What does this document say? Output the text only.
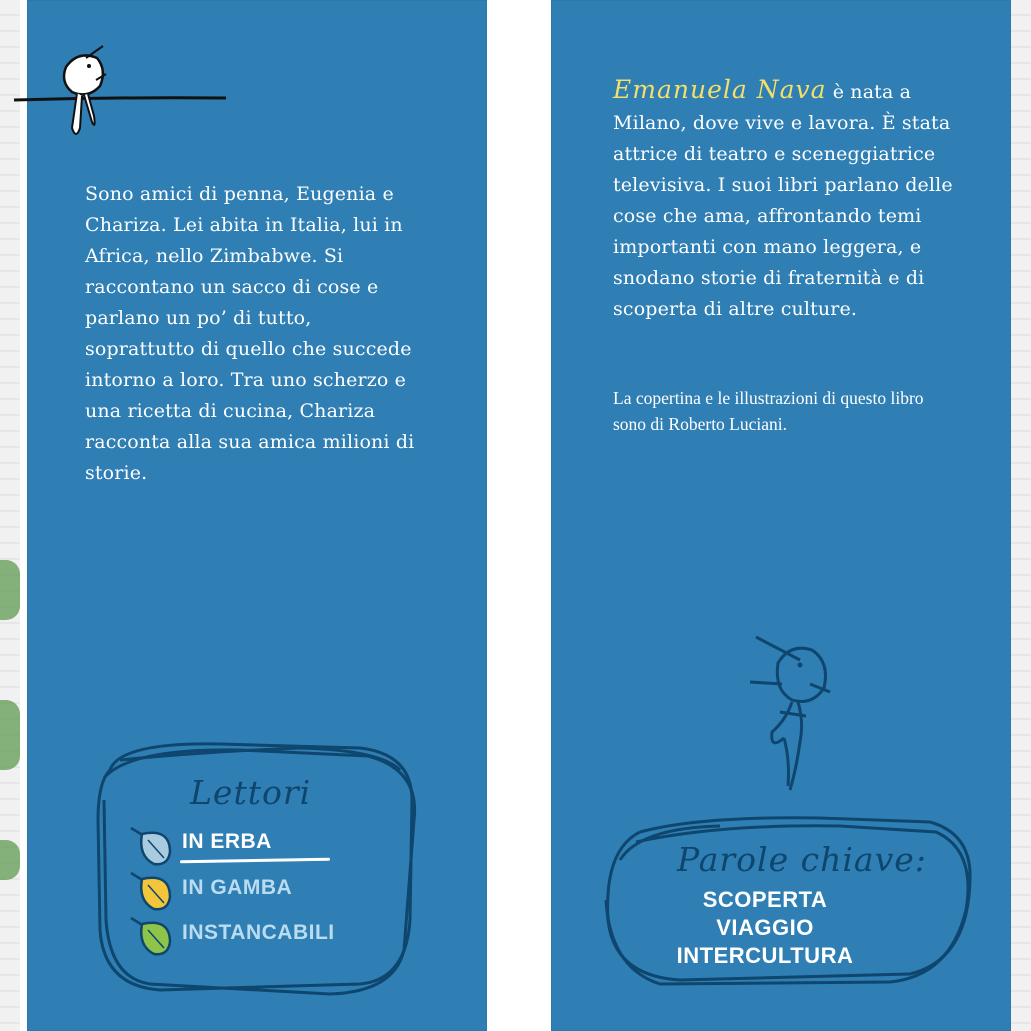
Sono amici di penna, Eugenia e Chariza. Lei abita in Italia, lui in Africa, nello Zimbabwe. Si raccontano un sacco di cose e parlano un po’ di tutto, soprattutto di quello che succede intorno a loro. Tra uno scherzo e una ricetta di cucina, Chariza racconta alla sua amica milioni di storie.

Emanuela Nava è nata a Milano, dove vive e lavora. È stata attrice di teatro e sceneggiatrice televisiva. I suoi libri parlano delle cose che ama, affrontando temi importanti con mano leggera, e snodano storie di fraternità e di scoperta di altre culture.

La copertina e le illustrazioni di questo libro sono di Roberto Luciani.

Lettori
IN ERBA
IN GAMBA
INSTANCABILI
Parole chiave:
SCOPERTA
VIAGGIO
INTERCULTURA
